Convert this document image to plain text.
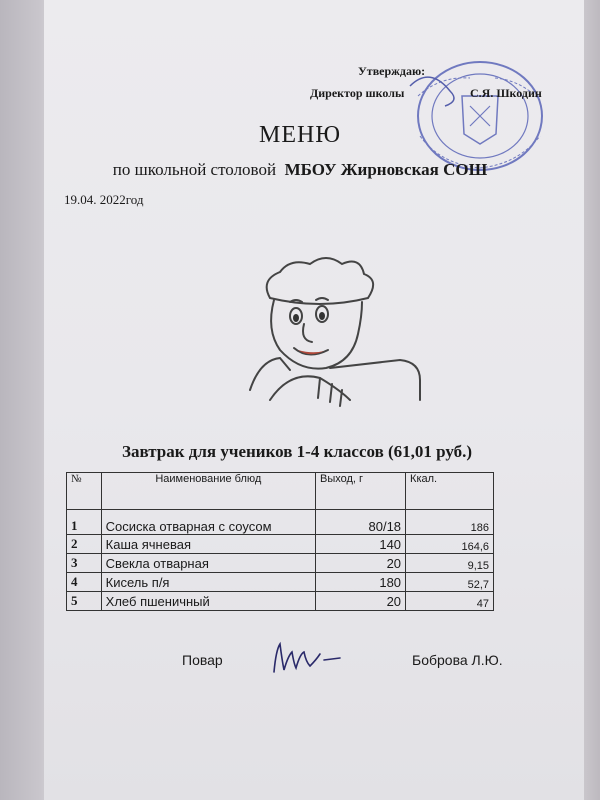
Утверждаю:
Директор школы	С.Я. Шкодин
МЕНЮ
по школьной столовой МБОУ Жирновская СОШ
19.04. 2022год
Завтрак для учеников 1-4 классов (61,01 руб.)
№	Наименование блюд	Выход, г	Ккал.
1	Сосиска отварная с соусом	80/18	186
2	Каша ячневая	140	164,6
3	Свекла отварная	20	9,15
4	Кисель п/я	180	52,7
5	Хлеб пшеничный	20	47
Повар	Боброва Л.Ю.
